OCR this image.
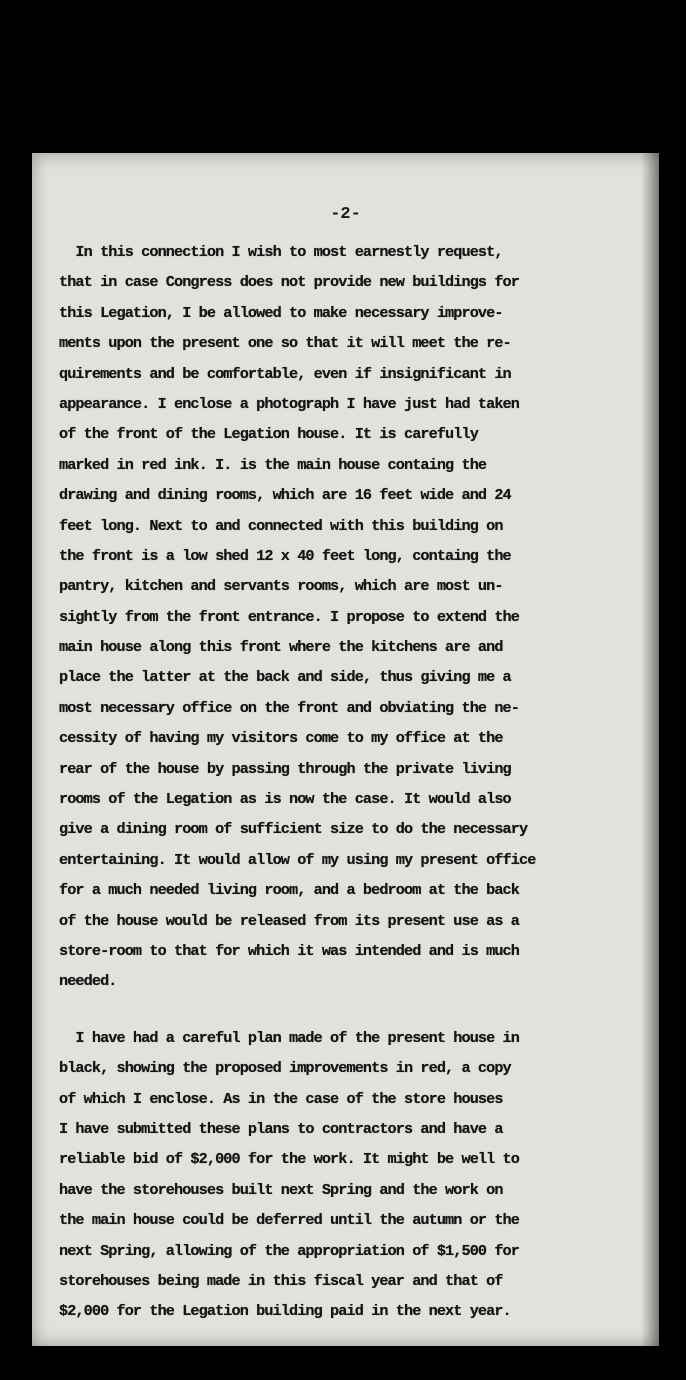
-2-
In this connection I wish to most earnestly request,
that in case Congress does not provide new buildings for
this Legation, I be allowed to make necessary improve-
ments upon the present one so that it will meet the re-
quirements and be comfortable, even if insignificant in
appearance. I enclose a photograph I have just had taken
of the front of the Legation house. It is carefully
marked in red ink. I. is the main house containg the
drawing and dining rooms, which are 16 feet wide and 24
feet long. Next to and connected with this building on
the front is a low shed 12 x 40 feet long, containg the
pantry, kitchen and servants rooms, which are most un-
sightly from the front entrance. I propose to extend the
main house along this front where the kitchens are and
place the latter at the back and side, thus giving me a
most necessary office on the front and obviating the ne-
cessity of having my visitors come to my office at the
rear of the house by passing through the private living
rooms of the Legation as is now the case. It would also
give a dining room of sufficient size to do the necessary
entertaining. It would allow of my using my present office
for a much needed living room, and a bedroom at the back
of the house would be released from its present use as a
store-room to that for which it was intended and is much
needed.
I have had a careful plan made of the present house in
black, showing the proposed improvements in red, a copy
of which I enclose. As in the case of the store houses
I have submitted these plans to contractors and have a
reliable bid of $2,000 for the work. It might be well to
have the storehouses built next Spring and the work on
the main house could be deferred until the autumn or the
next Spring, allowing of the appropriation of $1,500 for
storehouses being made in this fiscal year and that of
$2,000 for the Legation building paid in the next year.
